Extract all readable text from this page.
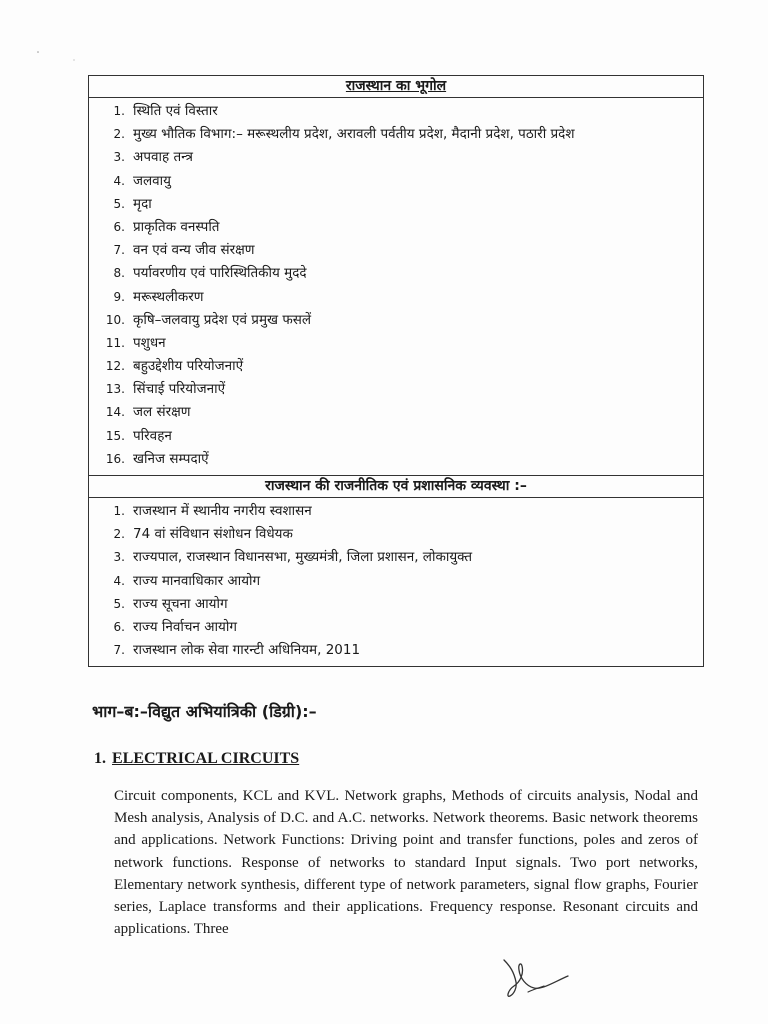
राजस्थान का भूगोल
1. स्थिति एवं विस्तार
2. मुख्य भौतिक विभाग:– मरूस्थलीय प्रदेश, अरावली पर्वतीय प्रदेश, मैदानी प्रदेश, पठारी प्रदेश
3. अपवाह तन्त्र
4. जलवायु
5. मृदा
6. प्राकृतिक वनस्पति
7. वन एवं वन्य जीव संरक्षण
8. पर्यावरणीय एवं पारिस्थितिकीय मुददे
9. मरूस्थलीकरण
10. कृषि–जलवायु प्रदेश एवं प्रमुख फसलें
11. पशुधन
12. बहुउद्देशीय परियोजनाऐं
13. सिंचाई परियोजनाऐं
14. जल संरक्षण
15. परिवहन
16. खनिज सम्पदाऐं
राजस्थान की राजनीतिक एवं प्रशासनिक व्यवस्था :–
1. राजस्थान में स्थानीय नगरीय स्वशासन
2. 74 वां संविधान संशोधन विधेयक
3. राज्यपाल, राजस्थान विधानसभा, मुख्यमंत्री, जिला प्रशासन, लोकायुक्त
4. राज्य मानवाधिकार आयोग
5. राज्य सूचना आयोग
6. राज्य निर्वाचन आयोग
7. राजस्थान लोक सेवा गारन्टी अधिनियम, 2011
भाग–ब:–विद्युत अभियांत्रिकी (डिग्री):–
1. ELECTRICAL CIRCUITS

Circuit components, KCL and KVL. Network graphs, Methods of circuits analysis, Nodal and Mesh analysis, Analysis of D.C. and A.C. networks. Network theorems. Basic network theorems and applications. Network Functions: Driving point and transfer functions, poles and zeros of network functions. Response of networks to standard Input signals. Two port networks, Elementary network synthesis, different type of network parameters, signal flow graphs, Fourier series, Laplace transforms and their applications. Frequency response. Resonant circuits and applications. Three
